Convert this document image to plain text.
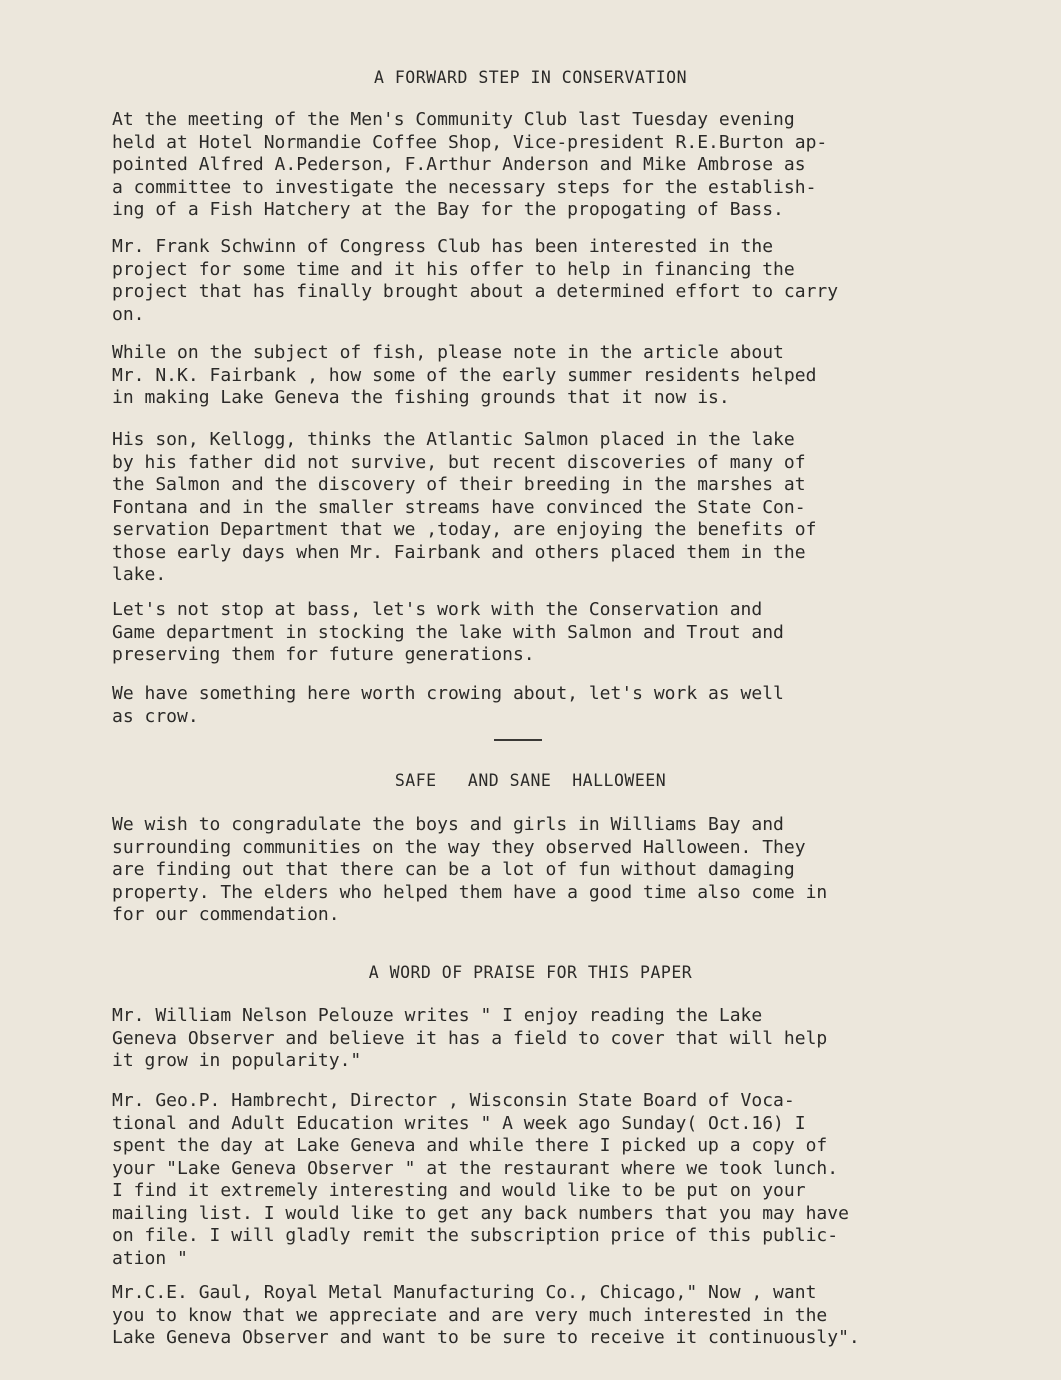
A FORWARD STEP IN CONSERVATION

At the meeting of the Men's Community Club last Tuesday evening
held at Hotel Normandie Coffee Shop, Vice-president R.E.Burton ap-
pointed Alfred A.Pederson, F.Arthur Anderson and Mike Ambrose as
a committee to investigate the necessary steps for the establish-
ing of a Fish Hatchery at the Bay for the propogating of Bass.

Mr. Frank Schwinn of Congress Club has been interested in the
project for some time and it his offer to help in financing the
project that has finally brought about a determined effort to carry
on.

While on the subject of fish, please note in the article about
Mr. N.K. Fairbank , how some of the early summer residents helped
in making Lake Geneva the fishing grounds that it now is.

His son, Kellogg, thinks the Atlantic Salmon placed in the lake
by his father did not survive, but recent discoveries of many of
the Salmon and the discovery of their breeding in the marshes at
Fontana and in the smaller streams have convinced the State Con-
servation Department that we ,today, are enjoying the benefits of
those early days when Mr. Fairbank and others placed them in the
lake.

Let's not stop at bass, let's work with the Conservation and
Game department in stocking the lake with Salmon and Trout and
preserving them for future generations.

We have something here worth crowing about, let's work as well
as crow.

SAFE   AND SANE  HALLOWEEN

We wish to congradulate the boys and girls in Williams Bay and
surrounding communities on the way they observed Halloween. They
are finding out that there can be a lot of fun without damaging
property. The elders who helped them have a good time also come in
for our commendation.

A WORD OF PRAISE FOR THIS PAPER

Mr. William Nelson Pelouze writes " I enjoy reading the Lake
Geneva Observer and believe it has a field to cover that will help
it grow in popularity."

Mr. Geo.P. Hambrecht, Director , Wisconsin State Board of Voca-
tional and Adult Education writes " A week ago Sunday( Oct.16) I
spent the day at Lake Geneva and while there I picked up a copy of
your "Lake Geneva Observer " at the restaurant where we took lunch.
I find it extremely interesting and would like to be put on your
mailing list. I would like to get any back numbers that you may have
on file. I will gladly remit the subscription price of this public-
ation "

Mr.C.E. Gaul, Royal Metal Manufacturing Co., Chicago," Now , want
you to know that we appreciate and are very much interested in the
Lake Geneva Observer and want to be sure to receive it continuously".
